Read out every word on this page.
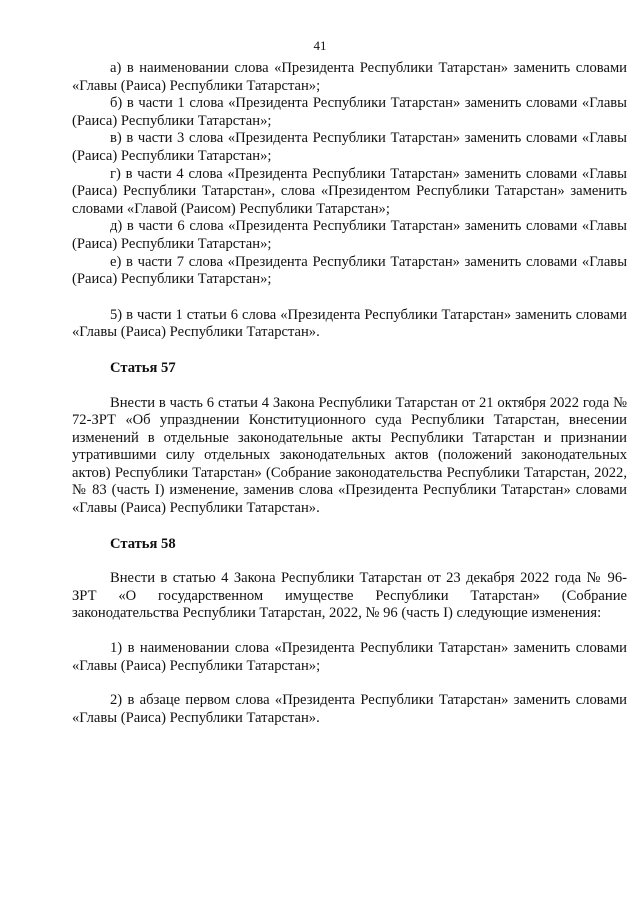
41

а) в наименовании слова «Президента Республики Татарстан» заменить словами «Главы (Раиса) Республики Татарстан»;

б) в части 1 слова «Президента Республики Татарстан» заменить словами «Главы (Раиса) Республики Татарстан»;

в) в части 3 слова «Президента Республики Татарстан» заменить словами «Главы (Раиса) Республики Татарстан»;

г) в части 4 слова «Президента Республики Татарстан» заменить словами «Главы (Раиса) Республики Татарстан», слова «Президентом Республики Татарстан» заменить словами «Главой (Раисом) Республики Татарстан»;

д) в части 6 слова «Президента Республики Татарстан» заменить словами «Главы (Раиса) Республики Татарстан»;

е) в части 7 слова «Президента Республики Татарстан» заменить словами «Главы (Раиса) Республики Татарстан»;

5) в части 1 статьи 6 слова «Президента Республики Татарстан» заменить словами «Главы (Раиса) Республики Татарстан».

Статья 57

Внести в часть 6 статьи 4 Закона Республики Татарстан от 21 октября 2022 года № 72-ЗРТ «Об упразднении Конституционного суда Республики Татарстан, внесении изменений в отдельные законодательные акты Республики Татарстан и признании утратившими силу отдельных законодательных актов (положений законодательных актов) Республики Татарстан» (Собрание законодательства Республики Татарстан, 2022, № 83 (часть I) изменение, заменив слова «Президента Республики Татарстан» словами «Главы (Раиса) Республики Татарстан».

Статья 58

Внести в статью 4 Закона Республики Татарстан от 23 декабря 2022 года № 96-ЗРТ «О государственном имуществе Республики Татарстан» (Собрание законодательства Республики Татарстан, 2022, № 96 (часть I) следующие изменения:

1) в наименовании слова «Президента Республики Татарстан» заменить словами «Главы (Раиса) Республики Татарстан»;

2) в абзаце первом слова «Президента Республики Татарстан» заменить словами «Главы (Раиса) Республики Татарстан».
